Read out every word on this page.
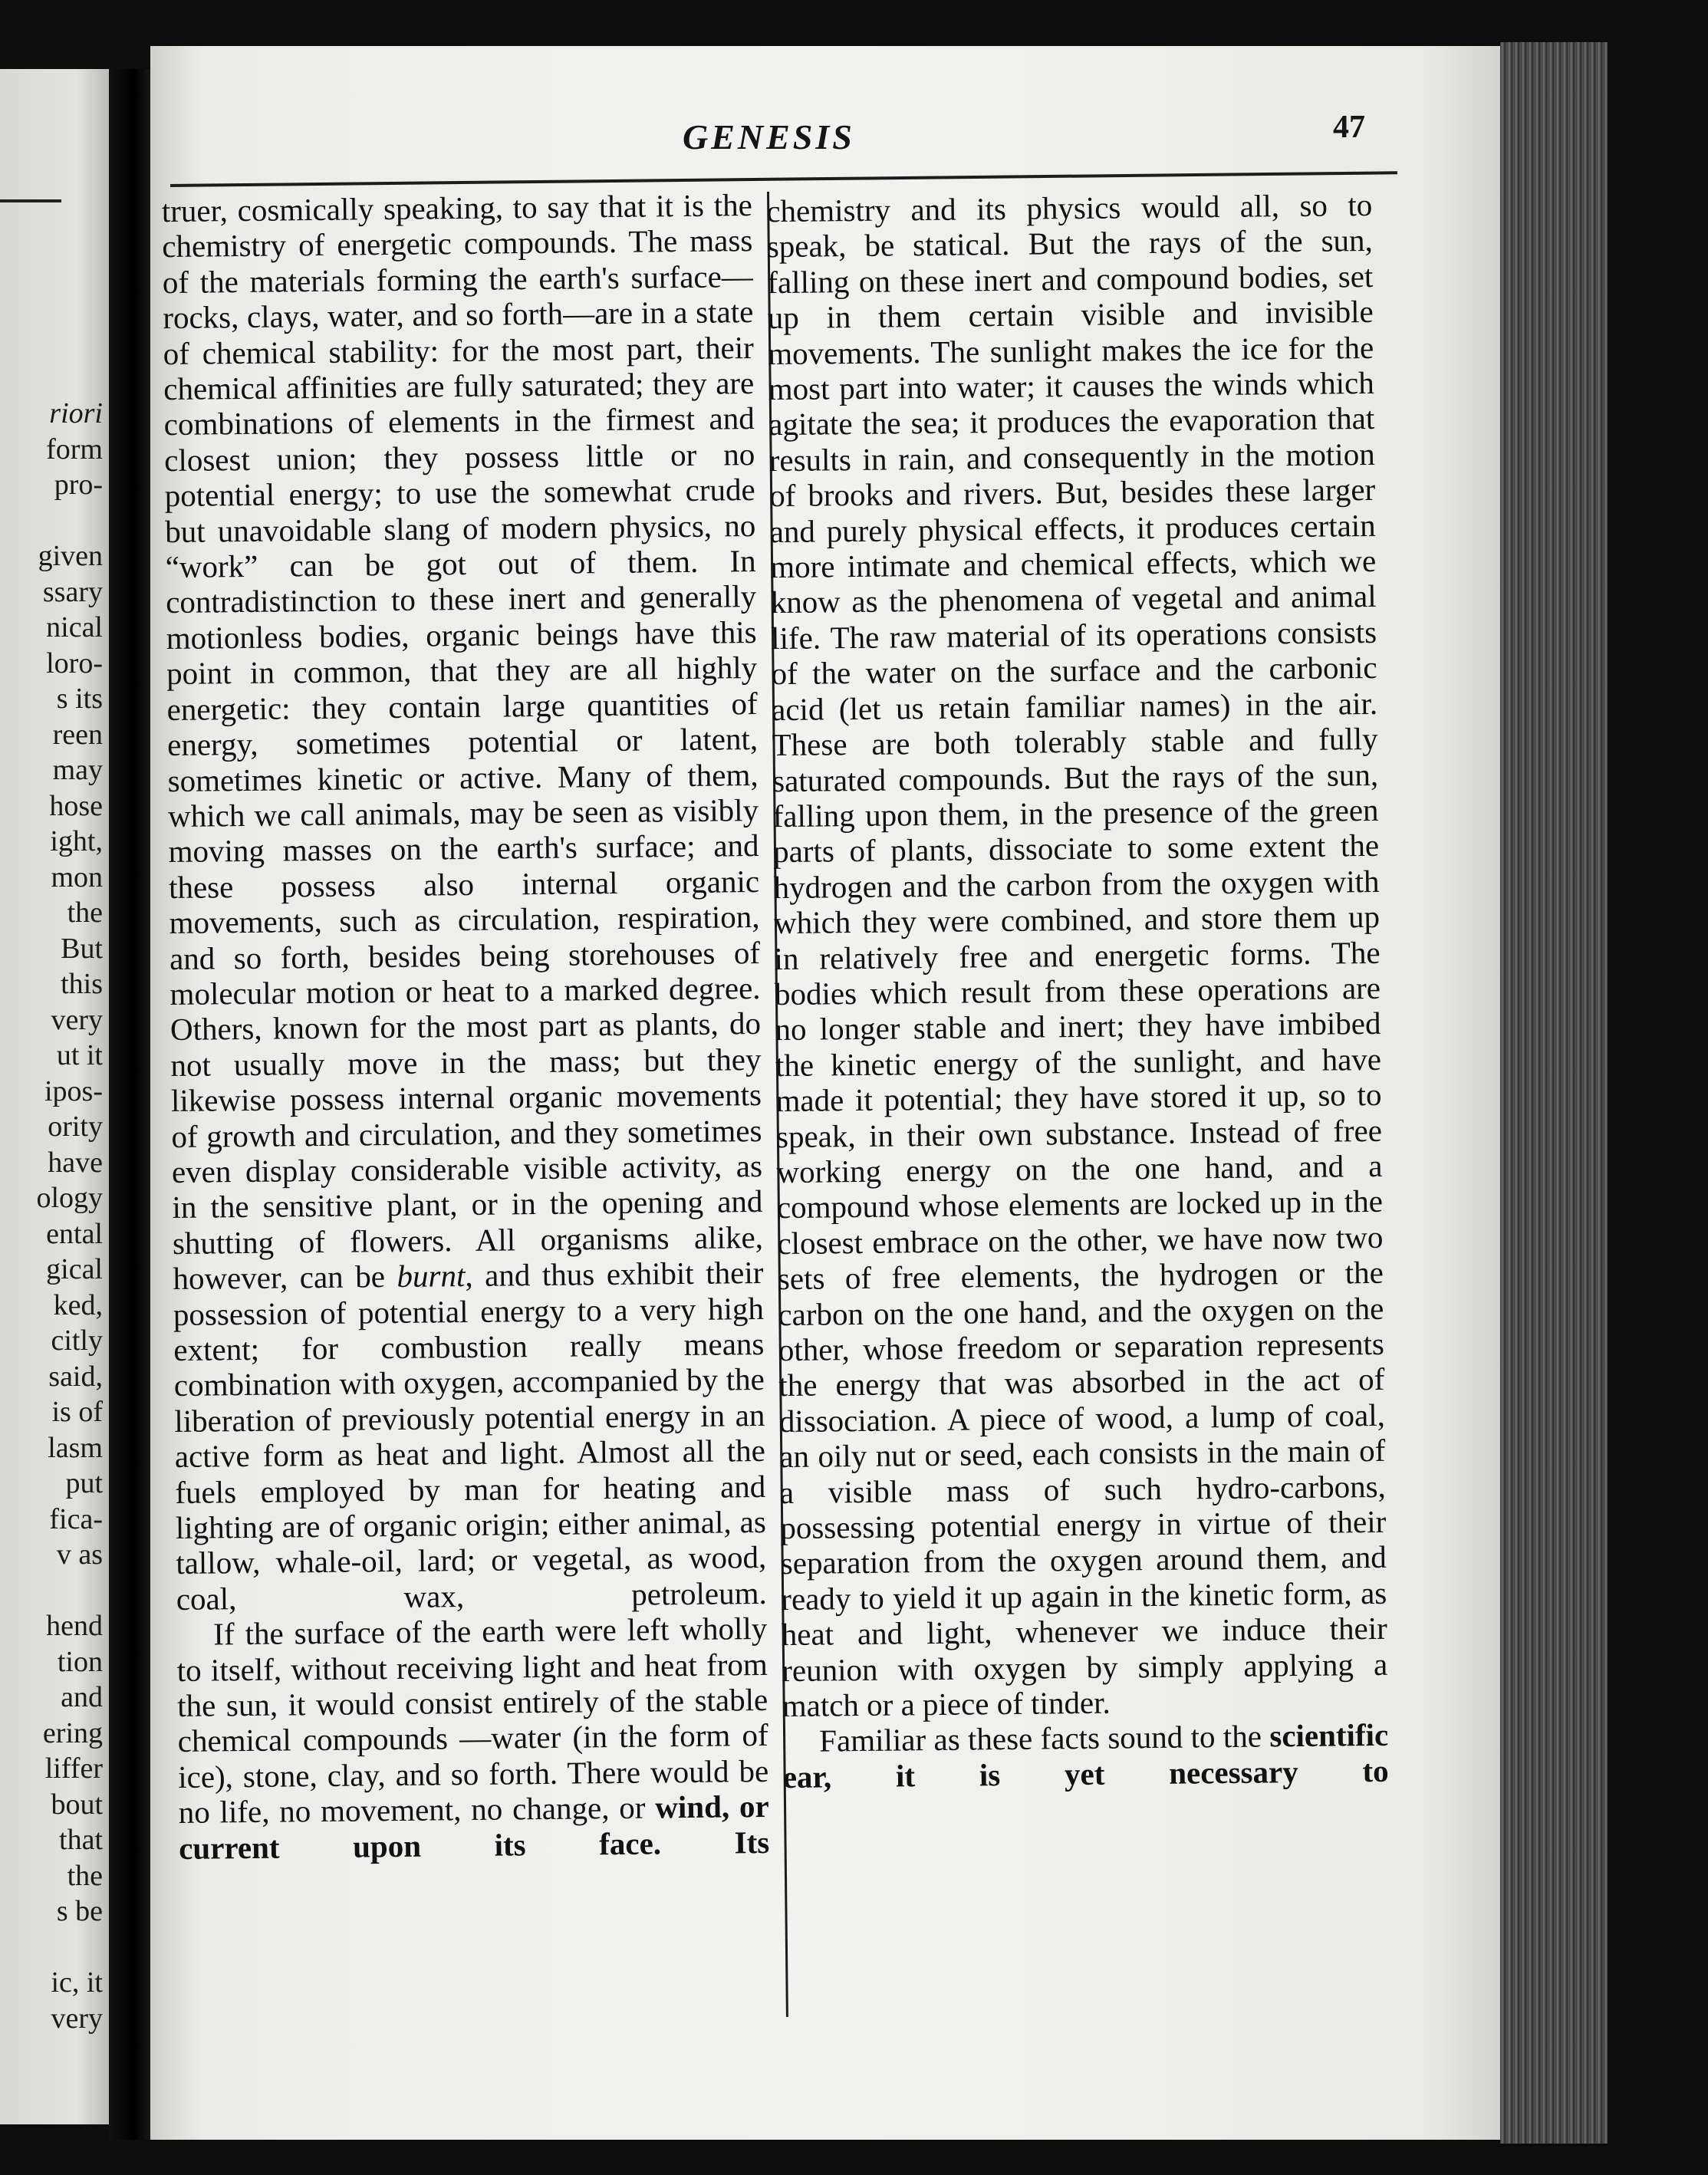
riori
form
pro-
given
ssary
nical
loro-
s its
reen
may
hose
ight,
mon
the
But
this
very
ut it
ipos-
ority
have
ology
ental
gical
ked,
citly
said,
is of
lasm
put
fica-
v as
hend
tion
and
ering
liffer
bout
that
the
s be
ic, it
very
GENESIS	47

truer, cosmically speaking, to say that it is the chemistry of energetic compounds. The mass of the materials forming the earth's surface—rocks, clays, water, and so forth—are in a state of chemical stability: for the most part, their chemical affinities are fully saturated; they are combinations of elements in the firmest and closest union; they possess little or no potential energy; to use the somewhat crude but unavoidable slang of modern physics, no “work” can be got out of them. In contradistinction to these inert and generally motionless bodies, organic beings have this point in common, that they are all highly energetic: they contain large quantities of energy, sometimes potential or latent, sometimes kinetic or active. Many of them, which we call animals, may be seen as visibly moving masses on the earth's surface; and these possess also internal organic movements, such as circulation, respiration, and so forth, besides being storehouses of molecular motion or heat to a marked degree. Others, known for the most part as plants, do not usually move in the mass; but they likewise possess internal organic movements of growth and circulation, and they sometimes even display considerable visible activity, as in the sensitive plant, or in the opening and shutting of flowers. All organisms alike, however, can be burnt, and thus exhibit their possession of potential energy to a very high extent; for combustion really means combination with oxygen, accompanied by the liberation of previously potential energy in an active form as heat and light. Almost all the fuels employed by man for heating and lighting are of organic origin; either animal, as tallow, whale-oil, lard; or vegetal, as wood, coal, wax, petroleum.

If the surface of the earth were left wholly to itself, without receiving light and heat from the sun, it would consist entirely of the stable chemical compounds —water (in the form of ice), stone, clay, and so forth. There would be no life, no movement, no change, or wind, or current upon its face. Its

chemistry and its physics would all, so to speak, be statical. But the rays of the sun, falling on these inert and compound bodies, set up in them certain visible and invisible movements. The sunlight makes the ice for the most part into water; it causes the winds which agitate the sea; it produces the evaporation that results in rain, and consequently in the motion of brooks and rivers. But, besides these larger and purely physical effects, it produces certain more intimate and chemical effects, which we know as the phenomena of vegetal and animal life. The raw material of its operations consists of the water on the surface and the carbonic acid (let us retain familiar names) in the air. These are both tolerably stable and fully saturated compounds. But the rays of the sun, falling upon them, in the presence of the green parts of plants, dissociate to some extent the hydrogen and the carbon from the oxygen with which they were combined, and store them up in relatively free and energetic forms. The bodies which result from these operations are no longer stable and inert; they have imbibed the kinetic energy of the sunlight, and have made it potential; they have stored it up, so to speak, in their own substance. Instead of free working energy on the one hand, and a compound whose elements are locked up in the closest embrace on the other, we have now two sets of free elements, the hydrogen or the carbon on the one hand, and the oxygen on the other, whose freedom or separation represents the energy that was absorbed in the act of dissociation. A piece of wood, a lump of coal, an oily nut or seed, each consists in the main of a visible mass of such hydro-carbons, possessing potential energy in virtue of their separation from the oxygen around them, and ready to yield it up again in the kinetic form, as heat and light, whenever we induce their reunion with oxygen by simply applying a match or a piece of tinder.

Familiar as these facts sound to the scientific ear, it is yet necessary to
